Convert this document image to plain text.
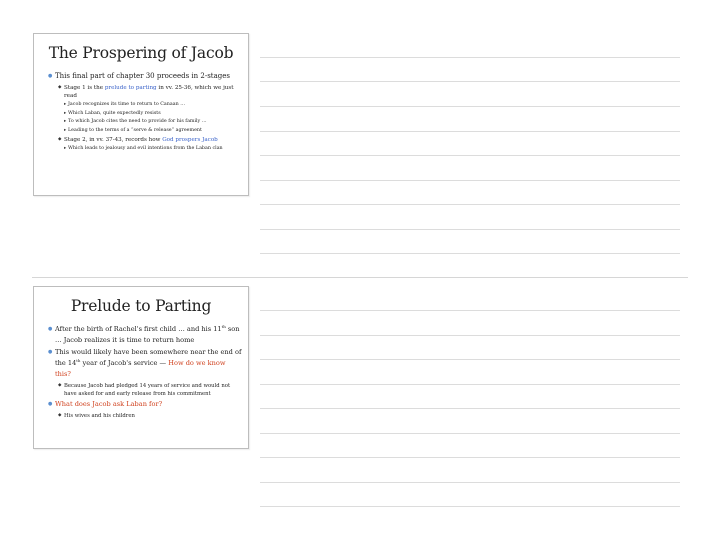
The Prospering of Jacob
● This final part of chapter 30 proceeds in 2-stages
◆ Stage 1 is the prelude to parting in vv. 25-36, which we just read
▸ Jacob recognizes its time to return to Canaan …
▸ Which Laban, quite expectedly resists
▸ To which Jacob cites the need to provide for his family …
▸ Leading to the terms of a “serve & release” agreement
◆ Stage 2, in vv. 37-43, records how God prospers Jacob
▸ Which leads to jealousy and evil intentions from the Laban clan
Prelude to Parting
● After the birth of Rachel's first child … and his 11th son … Jacob realizes it is time to return home
● This would likely have been somewhere near the end of the 14th year of Jacob's service — How do we know this?
◆ Because Jacob had pledged 14 years of service and would not have asked for and early release from his commitment
● What does Jacob ask Laban for?
◆ His wives and his children
